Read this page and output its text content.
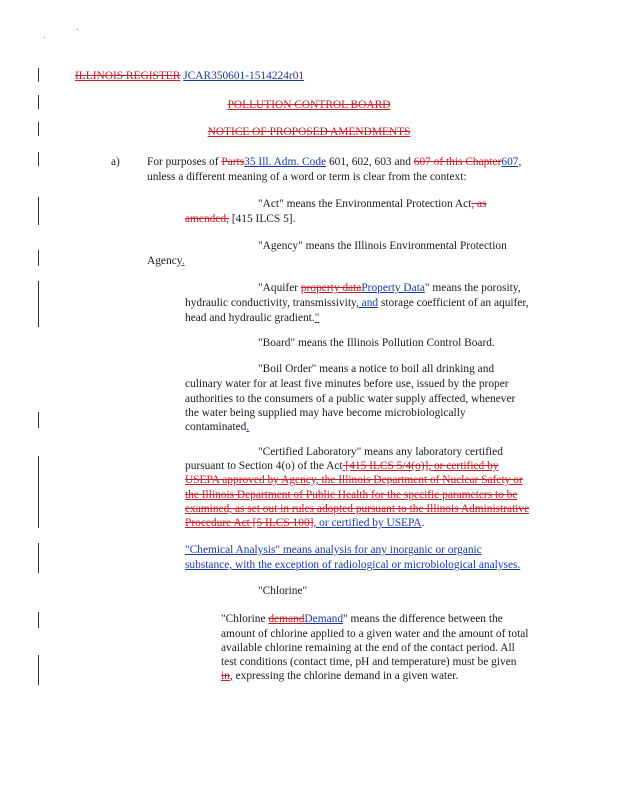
ILLINOIS REGISTER JCAR350601-1514224r01
POLLUTION CONTROL BOARD
NOTICE OF PROPOSED AMENDMENTS
a) For purposes of Parts35 Ill. Adm. Code 601, 602, 603 and 607 of this Chapter607,
unless a different meaning of a word or term is clear from the context:
"Act" means the Environmental Protection Act, as
amended, [415 ILCS 5].
"Agency" means the Illinois Environmental Protection
Agency.
"Aquifer property dataProperty Data" means the porosity,
hydraulic conductivity, transmissivity, and storage coefficient of an aquifer,
head and hydraulic gradient."
"Board" means the Illinois Pollution Control Board.
"Boil Order" means a notice to boil all drinking and
culinary water for at least five minutes before use, issued by the proper
authorities to the consumers of a public water supply affected, whenever
the water being supplied may have become microbiologically
contaminated.
"Certified Laboratory" means any laboratory certified
pursuant to Section 4(o) of the Act [415 ILCS 5/4(o)], or certified by
USEPA approved by Agency, the Illinois Department of Nuclear Safety or
the Illinois Department of Public Health for the specific parameters to be
examined, as set out in rules adopted pursuant to the Illinois Administrative
Procedure Act [5 ILCS 100], or certified by USEPA.
"Chemical Analysis" means analysis for any inorganic or organic
substance, with the exception of radiological or microbiological analyses.
"Chlorine"
"Chlorine demandDemand" means the difference between the
amount of chlorine applied to a given water and the amount of total
available chlorine remaining at the end of the contact period. All
test conditions (contact time, pH and temperature) must be given
in, expressing the chlorine demand in a given water.
